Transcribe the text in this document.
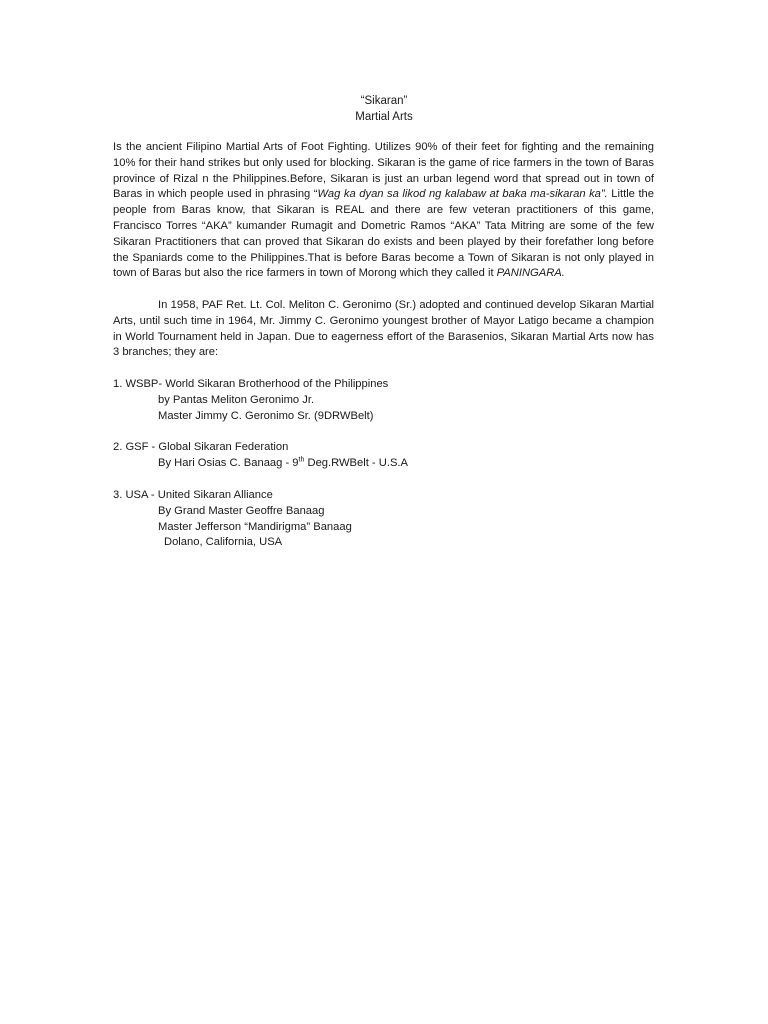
“Sikaran”
Martial Arts
Is the ancient Filipino Martial Arts of Foot Fighting. Utilizes 90% of their feet for fighting and the remaining 10% for their hand strikes but only used for blocking. Sikaran is the game of rice farmers in the town of Baras province of Rizal n the Philippines.Before, Sikaran is just an urban legend word that spread out in town of Baras in which people used in phrasing “Wag ka dyan sa likod ng kalabaw at baka ma-sikaran ka”. Little the people from Baras know, that Sikaran is REAL and there are few veteran practitioners of this game, Francisco Torres “AKA” kumander Rumagit and Dometric Ramos “AKA” Tata Mitring are some of the few Sikaran Practitioners that can proved that Sikaran do exists and been played by their forefather long before the Spaniards come to the Philippines.That is before Baras become a Town of Sikaran is not only played in town of Baras but also the rice farmers in town of Morong which they called it PANINGARA.
In 1958, PAF Ret. Lt. Col. Meliton C. Geronimo (Sr.) adopted and continued develop Sikaran Martial Arts, until such time in 1964, Mr. Jimmy C. Geronimo youngest brother of Mayor Latigo became a champion in World Tournament held in Japan. Due to eagerness effort of the Barasenios, Sikaran Martial Arts now has 3 branches; they are:
1. WSBP- World Sikaran Brotherhood of the Philippines
by Pantas Meliton Geronimo Jr.
Master Jimmy C. Geronimo Sr. (9DRWBelt)
2. GSF - Global Sikaran Federation
By Hari Osias C. Banaag - 9th Deg.RWBelt - U.S.A
3. USA - United Sikaran Alliance
By Grand Master Geoffre Banaag
Master Jefferson “Mandirigma” Banaag
Dolano, California, USA
